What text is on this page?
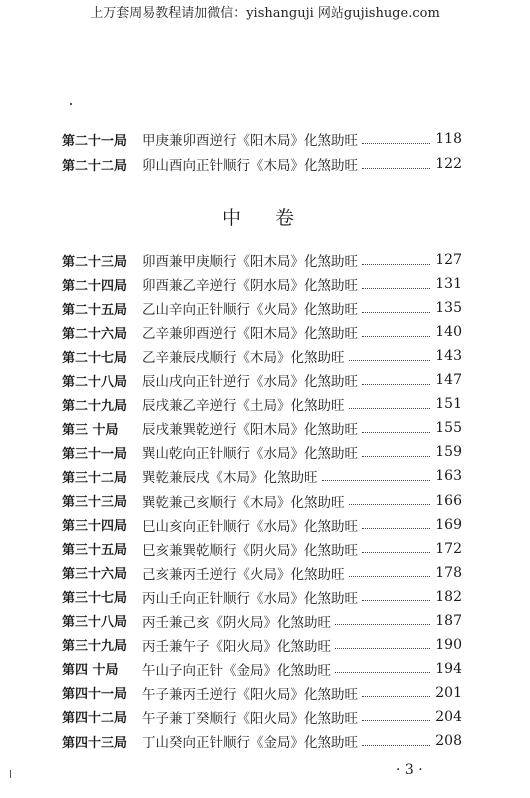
上万套周易教程请加微信：yishanguji 网站gujishuge.com
第二十一局	甲庚兼卯酉逆行《阳木局》化煞助旺	118
第二十二局	卯山酉向正针顺行《木局》化煞助旺	122
中 卷
第二十三局	卯酉兼甲庚顺行《阳木局》化煞助旺	127
第二十四局	卯酉兼乙辛逆行《阴水局》化煞助旺	131
第二十五局	乙山辛向正针顺行《火局》化煞助旺	135
第二十六局	乙辛兼卯酉逆行《阳木局》化煞助旺	140
第二十七局	乙辛兼辰戌顺行《木局》化煞助旺	143
第二十八局	辰山戌向正针逆行《水局》化煞助旺	147
第二十九局	辰戌兼乙辛逆行《土局》化煞助旺	151
第三 十局	辰戌兼巽乾逆行《阳木局》化煞助旺	155
第三十一局	巽山乾向正针顺行《水局》化煞助旺	159
第三十二局	巽乾兼辰戌《木局》化煞助旺	163
第三十三局	巽乾兼己亥顺行《木局》化煞助旺	166
第三十四局	巳山亥向正针顺行《水局》化煞助旺	169
第三十五局	巳亥兼巽乾顺行《阴火局》化煞助旺	172
第三十六局	己亥兼丙壬逆行《火局》化煞助旺	178
第三十七局	丙山壬向正针顺行《水局》化煞助旺	182
第三十八局	丙壬兼己亥《阴火局》化煞助旺	187
第三十九局	丙壬兼午子《阳火局》化煞助旺	190
第四 十局	午山子向正针《金局》化煞助旺	194
第四十一局	午子兼丙壬逆行《阳火局》化煞助旺	201
第四十二局	午子兼丁癸顺行《阳火局》化煞助旺	204
第四十三局	丁山癸向正针顺行《金局》化煞助旺	208
· 3 ·
